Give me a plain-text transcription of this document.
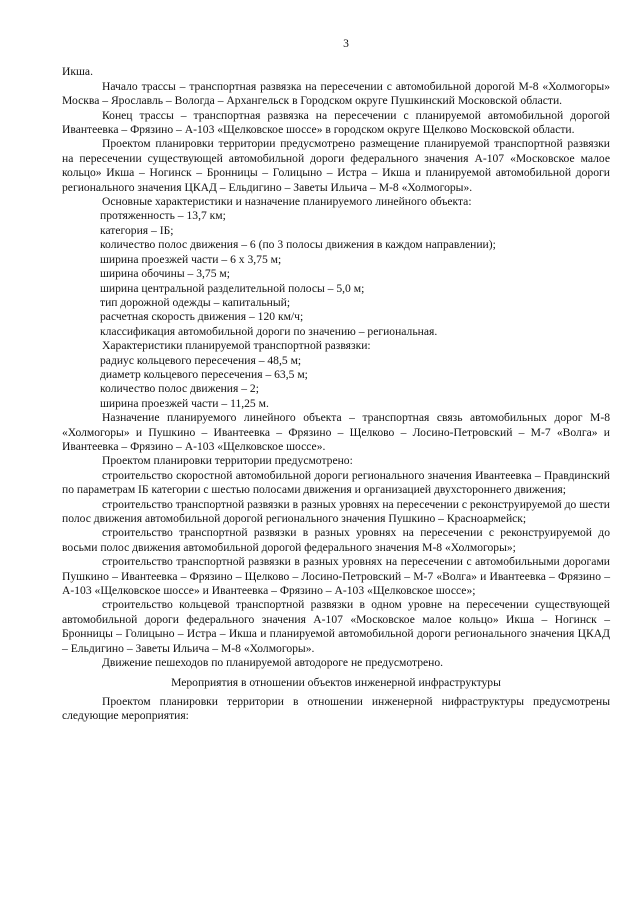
3

Икша.

Начало трассы – транспортная развязка на пересечении с автомобильной дорогой М-8 «Холмогоры» Москва – Ярославль – Вологда – Архангельск в Городском округе Пушкинский Московской области.

Конец трассы – транспортная развязка на пересечении с планируемой автомобильной дорогой Ивантеевка – Фрязино – А-103 «Щелковское шоссе» в городском округе Щелково Московской области.

Проектом планировки территории предусмотрено размещение планируемой транспортной развязки на пересечении существующей автомобильной дороги федерального значения А-107 «Московское малое кольцо» Икша – Ногинск – Бронницы – Голицыно – Истра – Икша и планируемой автомобильной дороги регионального значения ЦКАД – Ельдигино – Заветы Ильича – М-8 «Холмогоры».

Основные характеристики и назначение планируемого линейного объекта:

протяженность – 13,7 км;

категория – IБ;

количество полос движения – 6 (по 3 полосы движения в каждом направлении);

ширина проезжей части – 6 х 3,75 м;

ширина обочины – 3,75 м;

ширина центральной разделительной полосы – 5,0 м;

тип дорожной одежды – капитальный;

расчетная скорость движения – 120 км/ч;

классификация автомобильной дороги по значению – региональная.

Характеристики планируемой транспортной развязки:

радиус кольцевого пересечения – 48,5 м;

диаметр кольцевого пересечения – 63,5 м;

количество полос движения – 2;

ширина проезжей части – 11,25 м.

Назначение планируемого линейного объекта – транспортная связь автомобильных дорог М-8 «Холмогоры» и Пушкино – Ивантеевка – Фрязино – Щелково – Лосино-Петровский – М-7 «Волга» и Ивантеевка – Фрязино – А-103 «Щелковское шоссе».

Проектом планировки территории предусмотрено:

строительство скоростной автомобильной дороги регионального значения Ивантеевка – Правдинский по параметрам IБ категории с шестью полосами движения и организацией двухстороннего движения;

строительство транспортной развязки в разных уровнях на пересечении с реконструируемой до шести полос движения автомобильной дорогой регионального значения Пушкино – Красноармейск;

строительство транспортной развязки в разных уровнях на пересечении с реконструируемой до восьми полос движения автомобильной дорогой федерального значения М-8 «Холмогоры»;

строительство транспортной развязки в разных уровнях на пересечении с автомобильными дорогами Пушкино – Ивантеевка – Фрязино – Щелково – Лосино-Петровский – М-7 «Волга» и Ивантеевка – Фрязино – А-103 «Щелковское шоссе» и Ивантеевка – Фрязино – А-103 «Щелковское шоссе»;

строительство кольцевой транспортной развязки в одном уровне на пересечении существующей автомобильной дороги федерального значения А-107 «Московское малое кольцо» Икша – Ногинск – Бронницы – Голицыно – Истра – Икша и планируемой автомобильной дороги регионального значения ЦКАД – Ельдигино – Заветы Ильича – М-8 «Холмогоры».

Движение пешеходов по планируемой автодороге не предусмотрено.

Мероприятия в отношении объектов инженерной инфраструктуры

Проектом планировки территории в отношении инженерной нифраструктуры предусмотрены следующие мероприятия:
